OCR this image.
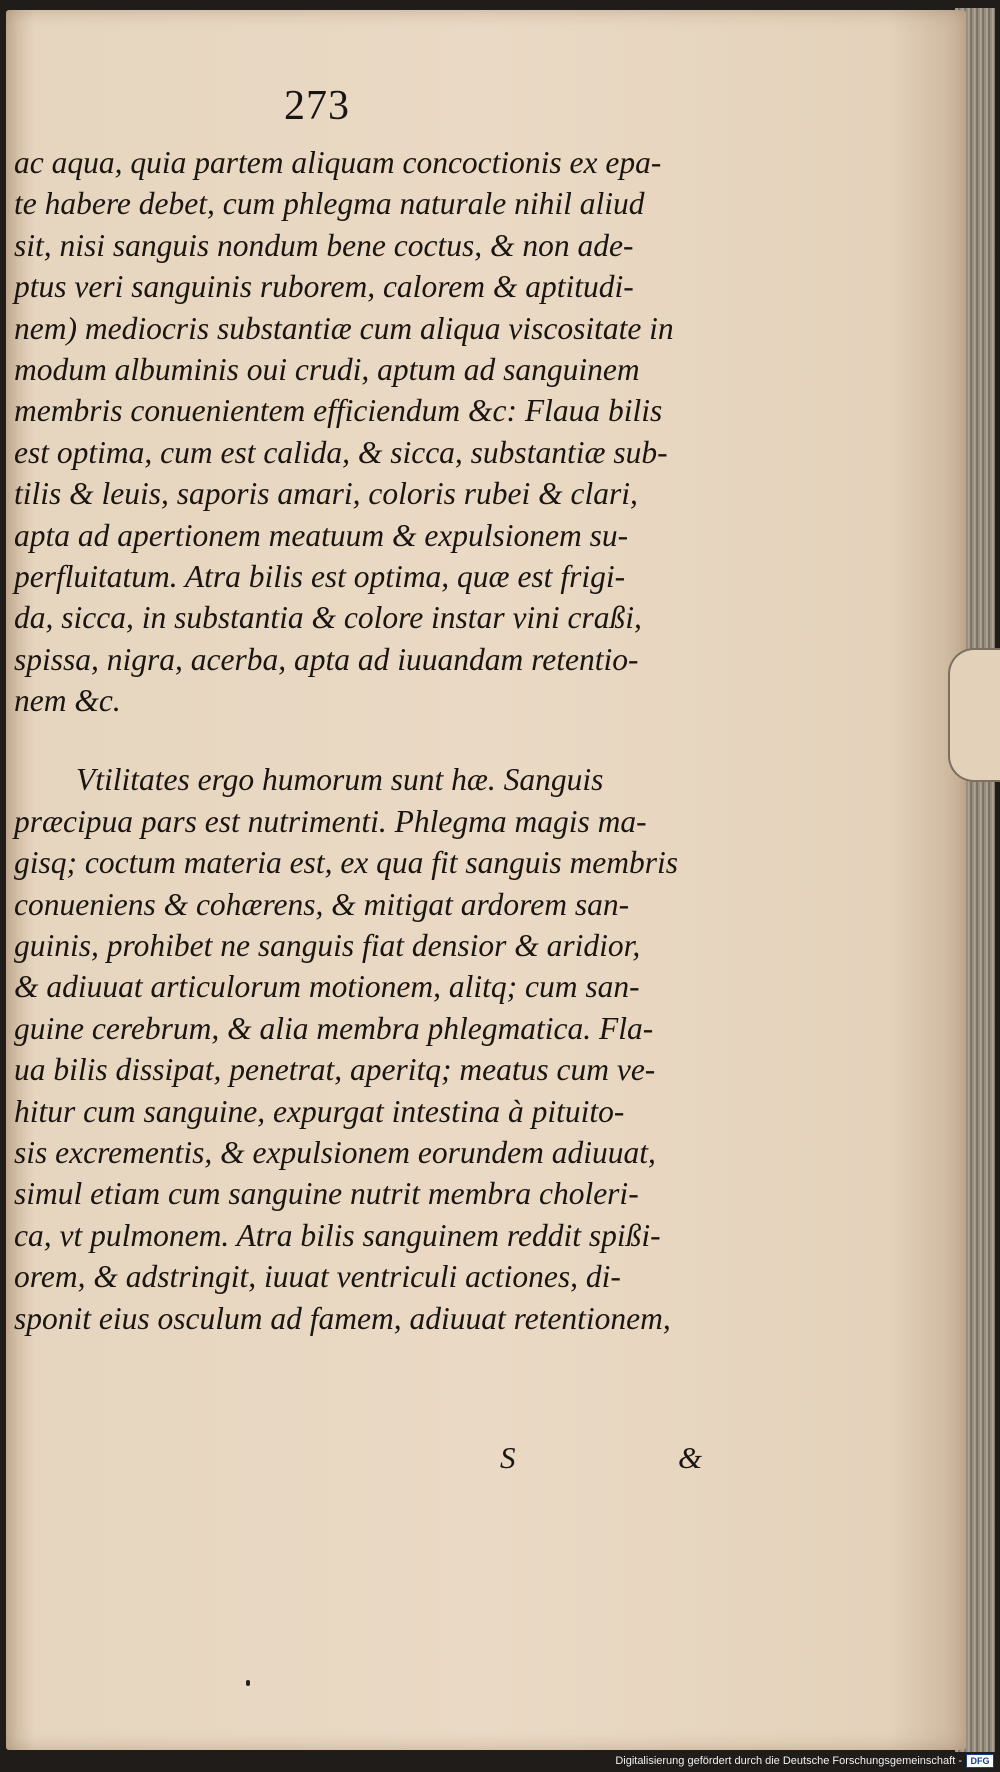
273
ac aqua, quia partem aliquam concoctionis ex epa-
te habere debet, cum phlegma naturale nihil aliud
sit, nisi sanguis nondum bene coctus, & non ade-
ptus veri sanguinis ruborem, calorem & aptitudi-
nem) mediocris substantiæ cum aliqua viscositate in
modum albuminis oui crudi, aptum ad sanguinem
membris conuenientem efficiendum &c: Flaua bilis
est optima, cum est calida, & sicca, substantiæ sub-
tilis & leuis, saporis amari, coloris rubei & clari,
apta ad apertionem meatuum & expulsionem su-
perfluitatum. Atra bilis est optima, quæ est frigi-
da, sicca, in substantia & colore instar vini craßi,
spissa, nigra, acerba, apta ad iuuandam retentio-
nem &c.
Vtilitates ergo humorum sunt hæ. Sanguis
præcipua pars est nutrimenti. Phlegma magis ma-
gisq; coctum materia est, ex qua fit sanguis membris
conueniens & cohærens, & mitigat ardorem san-
guinis, prohibet ne sanguis fiat densior & aridior,
& adiuuat articulorum motionem, alitq; cum san-
guine cerebrum, & alia membra phlegmatica. Fla-
ua bilis dissipat, penetrat, aperitq; meatus cum ve-
hitur cum sanguine, expurgat intestina à pituito-
sis excrementis, & expulsionem eorundem adiuuat,
simul etiam cum sanguine nutrit membra choleri-
ca, vt pulmonem. Atra bilis sanguinem reddit spißi-
orem, & adstringit, iuuat ventriculi actiones, di-
sponit eius osculum ad famem, adiuuat retentionem,
S	&
Digitalisierung gefördert durch die Deutsche Forschungsgemeinschaft - DFG
